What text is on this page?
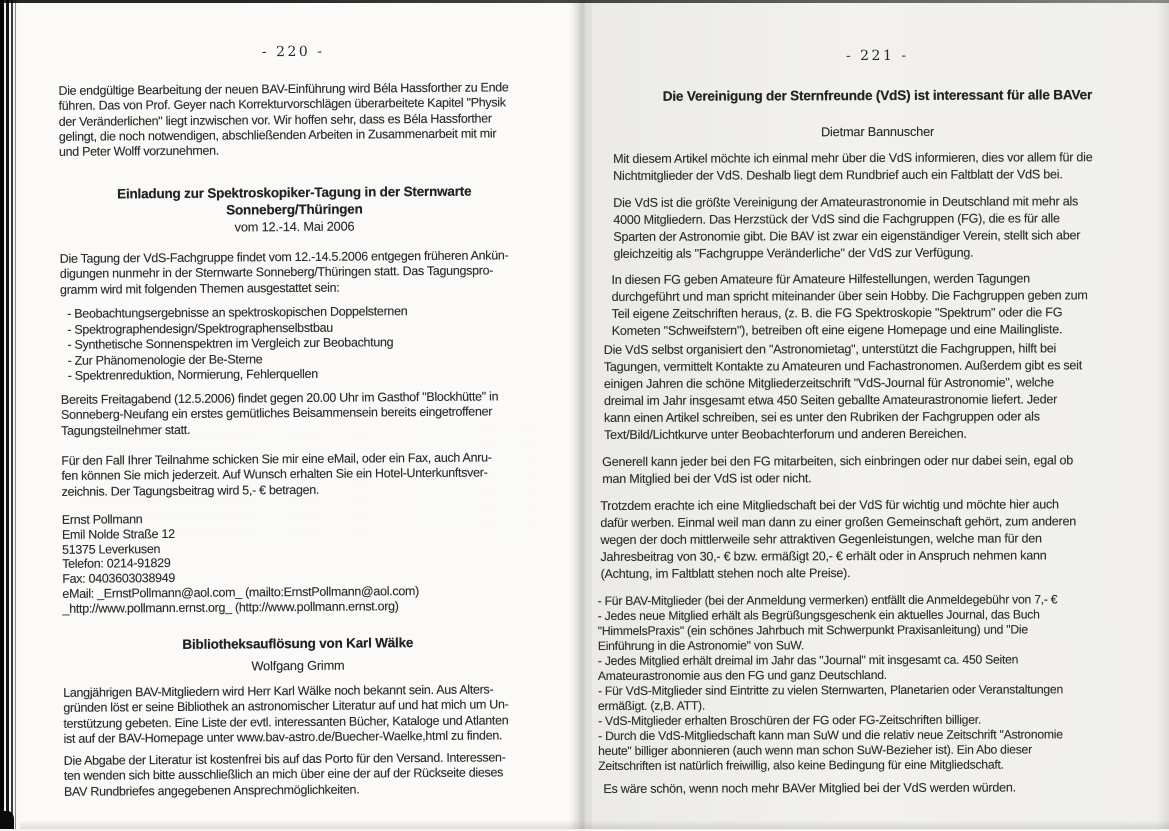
- 220 -

Die endgültige Bearbeitung der neuen BAV-Einführung wird Béla Hassforther zu Ende
führen. Das von Prof. Geyer nach Korrekturvorschlägen überarbeitete Kapitel "Physik
der Veränderlichen" liegt inzwischen vor. Wir hoffen sehr, dass es Béla Hassforther
gelingt, die noch notwendigen, abschließenden Arbeiten in Zusammenarbeit mit mir
und Peter Wolff vorzunehmen.

Einladung zur Spektroskopiker-Tagung in der Sternwarte
Sonneberg/Thüringen
vom 12.-14. Mai 2006

Die Tagung der VdS-Fachgruppe findet vom 12.-14.5.2006 entgegen früheren Ankün-
digungen nunmehr in der Sternwarte Sonneberg/Thüringen statt. Das Tagungspro-
gramm wird mit folgenden Themen ausgestattet sein:

- Beobachtungsergebnisse an spektroskopischen Doppelsternen
- Spektrographendesign/Spektrographenselbstbau
- Synthetische Sonnenspektren im Vergleich zur Beobachtung
- Zur Phänomenologie der Be-Sterne
- Spektrenreduktion, Normierung, Fehlerquellen

Bereits Freitagabend (12.5.2006) findet gegen 20.00 Uhr im Gasthof "Blockhütte" in
Sonneberg-Neufang ein erstes gemütliches Beisammensein bereits eingetroffener
Tagungsteilnehmer statt.

Für den Fall Ihrer Teilnahme schicken Sie mir eine eMail, oder ein Fax, auch Anru-
fen können Sie mich jederzeit. Auf Wunsch erhalten Sie ein Hotel-Unterkunftsver-
zeichnis. Der Tagungsbeitrag wird 5,- € betragen.

Ernst Pollmann
Emil Nolde Straße 12
51375 Leverkusen
Telefon: 0214-91829
Fax: 0403603038949
eMail: _ErnstPollmann@aol.com_ (mailto:ErnstPollmann@aol.com)
_http://www.pollmann.ernst.org_ (http://www.pollmann.ernst.org)
Bibliotheksauflösung von Karl Wälke
Wolfgang Grimm

Langjährigen BAV-Mitgliedern wird Herr Karl Wälke noch bekannt sein. Aus Alters-
gründen löst er seine Bibliothek an astronomischer Literatur auf und hat mich um Un-
terstützung gebeten. Eine Liste der evtl. interessanten Bücher, Kataloge und Atlanten
ist auf der BAV-Homepage unter www.bav-astro.de/Buecher-Waelke,html zu finden.

Die Abgabe der Literatur ist kostenfrei bis auf das Porto für den Versand. Interessen-
ten wenden sich bitte ausschließlich an mich über eine der auf der Rückseite dieses
BAV Rundbriefes angegebenen Ansprechmöglichkeiten.

- 221 -
Die Vereinigung der Sternfreunde (VdS) ist interessant für alle BAVer
Dietmar Bannuscher

Mit diesem Artikel möchte ich einmal mehr über die VdS informieren, dies vor allem für die
Nichtmitglieder der VdS. Deshalb liegt dem Rundbrief auch ein Faltblatt der VdS bei.

Die VdS ist die größte Vereinigung der Amateurastronomie in Deutschland mit mehr als
4000 Mitgliedern. Das Herzstück der VdS sind die Fachgruppen (FG), die es für alle
Sparten der Astronomie gibt. Die BAV ist zwar ein eigenständiger Verein, stellt sich aber
gleichzeitig als "Fachgruppe Veränderliche" der VdS zur Verfügung.

In diesen FG geben Amateure für Amateure Hilfestellungen, werden Tagungen
durchgeführt und man spricht miteinander über sein Hobby. Die Fachgruppen geben zum
Teil eigene Zeitschriften heraus, (z. B. die FG Spektroskopie "Spektrum" oder die FG
Kometen "Schweifstern"), betreiben oft eine eigene Homepage und eine Mailingliste.

Die VdS selbst organisiert den "Astronomietag", unterstützt die Fachgruppen, hilft bei
Tagungen, vermittelt Kontakte zu Amateuren und Fachastronomen. Außerdem gibt es seit
einigen Jahren die schöne Mitgliederzeitschrift "VdS-Journal für Astronomie", welche
dreimal im Jahr insgesamt etwa 450 Seiten geballte Amateurastronomie liefert. Jeder
kann einen Artikel schreiben, sei es unter den Rubriken der Fachgruppen oder als
Text/Bild/Lichtkurve unter Beobachterforum und anderen Bereichen.

Generell kann jeder bei den FG mitarbeiten, sich einbringen oder nur dabei sein, egal ob
man Mitglied bei der VdS ist oder nicht.

Trotzdem erachte ich eine Mitgliedschaft bei der VdS für wichtig und möchte hier auch
dafür werben. Einmal weil man dann zu einer großen Gemeinschaft gehört, zum anderen
wegen der doch mittlerweile sehr attraktiven Gegenleistungen, welche man für den
Jahresbeitrag von 30,- € bzw. ermäßigt 20,- € erhält oder in Anspruch nehmen kann
(Achtung, im Faltblatt stehen noch alte Preise).

- Für BAV-Mitglieder (bei der Anmeldung vermerken) entfällt die Anmeldegebühr von 7,- €
- Jedes neue Mitglied erhält als Begrüßungsgeschenk ein aktuelles Journal, das Buch
"HimmelsPraxis" (ein schönes Jahrbuch mit Schwerpunkt Praxisanleitung) und "Die
Einführung in die Astronomie" von SuW.
- Jedes Mitglied erhält dreimal im Jahr das "Journal" mit insgesamt ca. 450 Seiten
Amateurastronomie aus den FG und ganz Deutschland.
- Für VdS-Mitglieder sind Eintritte zu vielen Sternwarten, Planetarien oder Veranstaltungen
ermäßigt. (z,B. ATT).
- VdS-Mitglieder erhalten Broschüren der FG oder FG-Zeitschriften billiger.
- Durch die VdS-Mitgliedschaft kann man SuW und die relativ neue Zeitschrift "Astronomie
heute" billiger abonnieren (auch wenn man schon SuW-Bezieher ist). Ein Abo dieser
Zeitschriften ist natürlich freiwillig, also keine Bedingung für eine Mitgliedschaft.

Es wäre schön, wenn noch mehr BAVer Mitglied bei der VdS werden würden.
